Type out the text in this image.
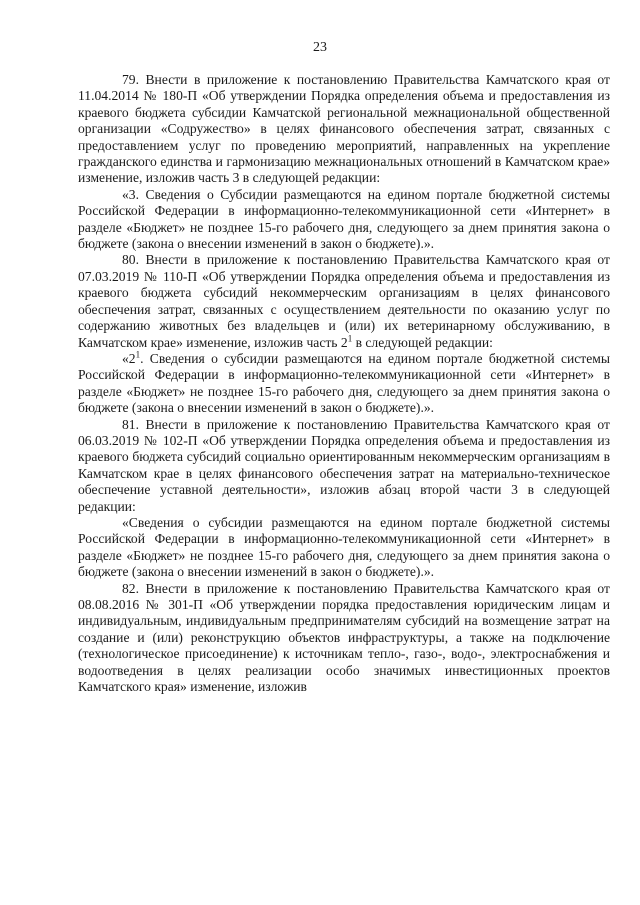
23

79. Внести в приложение к постановлению Правительства Камчатского края от 11.04.2014 № 180-П «Об утверждении Порядка определения объема и предоставления из краевого бюджета субсидии Камчатской региональной межнациональной общественной организации «Содружество» в целях финансового обеспечения затрат, связанных с предоставлением услуг по проведению мероприятий, направленных на укрепление гражданского единства и гармонизацию межнациональных отношений в Камчатском крае» изменение, изложив часть 3 в следующей редакции:

«3. Сведения о Субсидии размещаются на едином портале бюджетной системы Российской Федерации в информационно-телекоммуникационной сети «Интернет» в разделе «Бюджет» не позднее 15-го рабочего дня, следующего за днем принятия закона о бюджете (закона о внесении изменений в закон о бюджете).».

80. Внести в приложение к постановлению Правительства Камчатского края от 07.03.2019 № 110-П «Об утверждении Порядка определения объема и предоставления из краевого бюджета субсидий некоммерческим организациям в целях финансового обеспечения затрат, связанных с осуществлением деятельности по оказанию услуг по содержанию животных без владельцев и (или) их ветеринарному обслуживанию, в Камчатском крае» изменение, изложив часть $2^1$ в следующей редакции:

«$2^1$. Сведения о субсидии размещаются на едином портале бюджетной системы Российской Федерации в информационно-телекоммуникационной сети «Интернет» в разделе «Бюджет» не позднее 15-го рабочего дня, следующего за днем принятия закона о бюджете (закона о внесении изменений в закон о бюджете).».

81. Внести в приложение к постановлению Правительства Камчатского края от 06.03.2019 № 102-П «Об утверждении Порядка определения объема и предоставления из краевого бюджета субсидий социально ориентированным некоммерческим организациям в Камчатском крае в целях финансового обеспечения затрат на материально-техническое обеспечение уставной деятельности», изложив абзац второй части 3 в следующей редакции:

«Сведения о субсидии размещаются на едином портале бюджетной системы Российской Федерации в информационно-телекоммуникационной сети «Интернет» в разделе «Бюджет» не позднее 15-го рабочего дня, следующего за днем принятия закона о бюджете (закона о внесении изменений в закон о бюджете).».

82. Внести в приложение к постановлению Правительства Камчатского края от 08.08.2016 № 301-П «Об утверждении порядка предоставления юридическим лицам и индивидуальным, индивидуальным предпринимателям субсидий на возмещение затрат на создание и (или) реконструкцию объектов инфраструктуры, а также на подключение (технологическое присоединение) к источникам тепло-, газо-, водо-, электроснабжения и водоотведения в целях реализации особо значимых инвестиционных проектов Камчатского края» изменение, изложив
